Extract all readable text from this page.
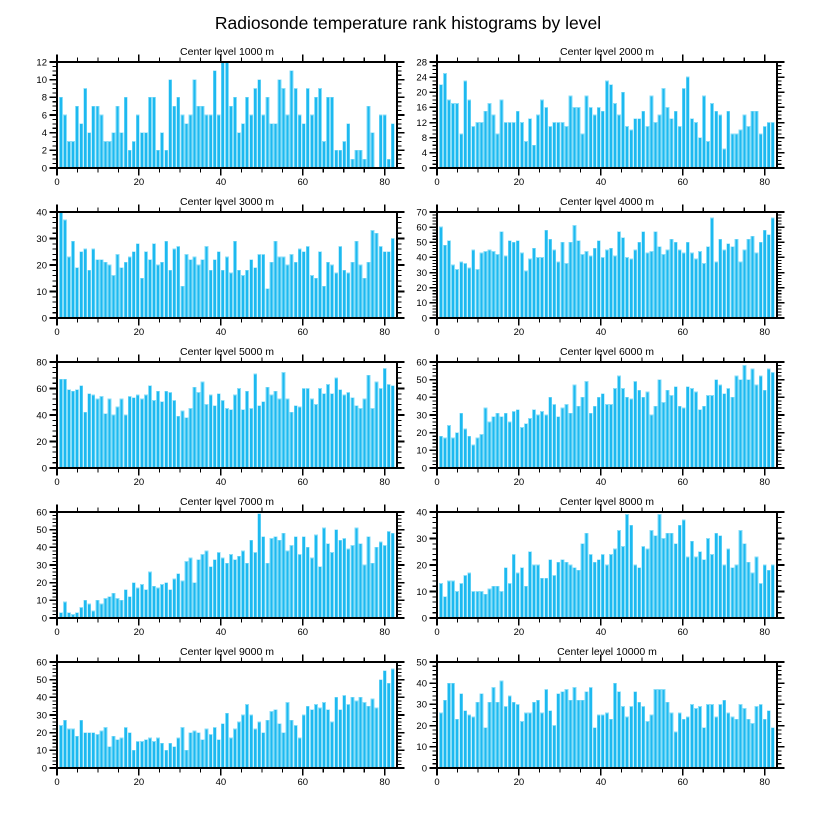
Radiosonde temperature rank histograms by level
Center level 1000 m
0	20	40	60	80
0
2
4
6
8
10
12
Center level 2000 m
0	20	40	60	80
0
4
8
12
16
20
24
28
Center level 3000 m
0	20	40	60	80
0
10
20
30
40
Center level 4000 m
0	20	40	60	80
0
10
20
30
40
50
60
70
Center level 5000 m
0	20	40	60	80
0
20
40
60
80
Center level 6000 m
0	20	40	60	80
0
10
20
30
40
50
60
Center level 7000 m
0	20	40	60	80
0
10
20
30
40
50
60
Center level 8000 m
0	20	40	60	80
0
10
20
30
40
Center level 9000 m
0	20	40	60	80
0
10
20
30
40
50
60
Center level 10000 m
0	20	40	60	80
0
10
20
30
40
50
